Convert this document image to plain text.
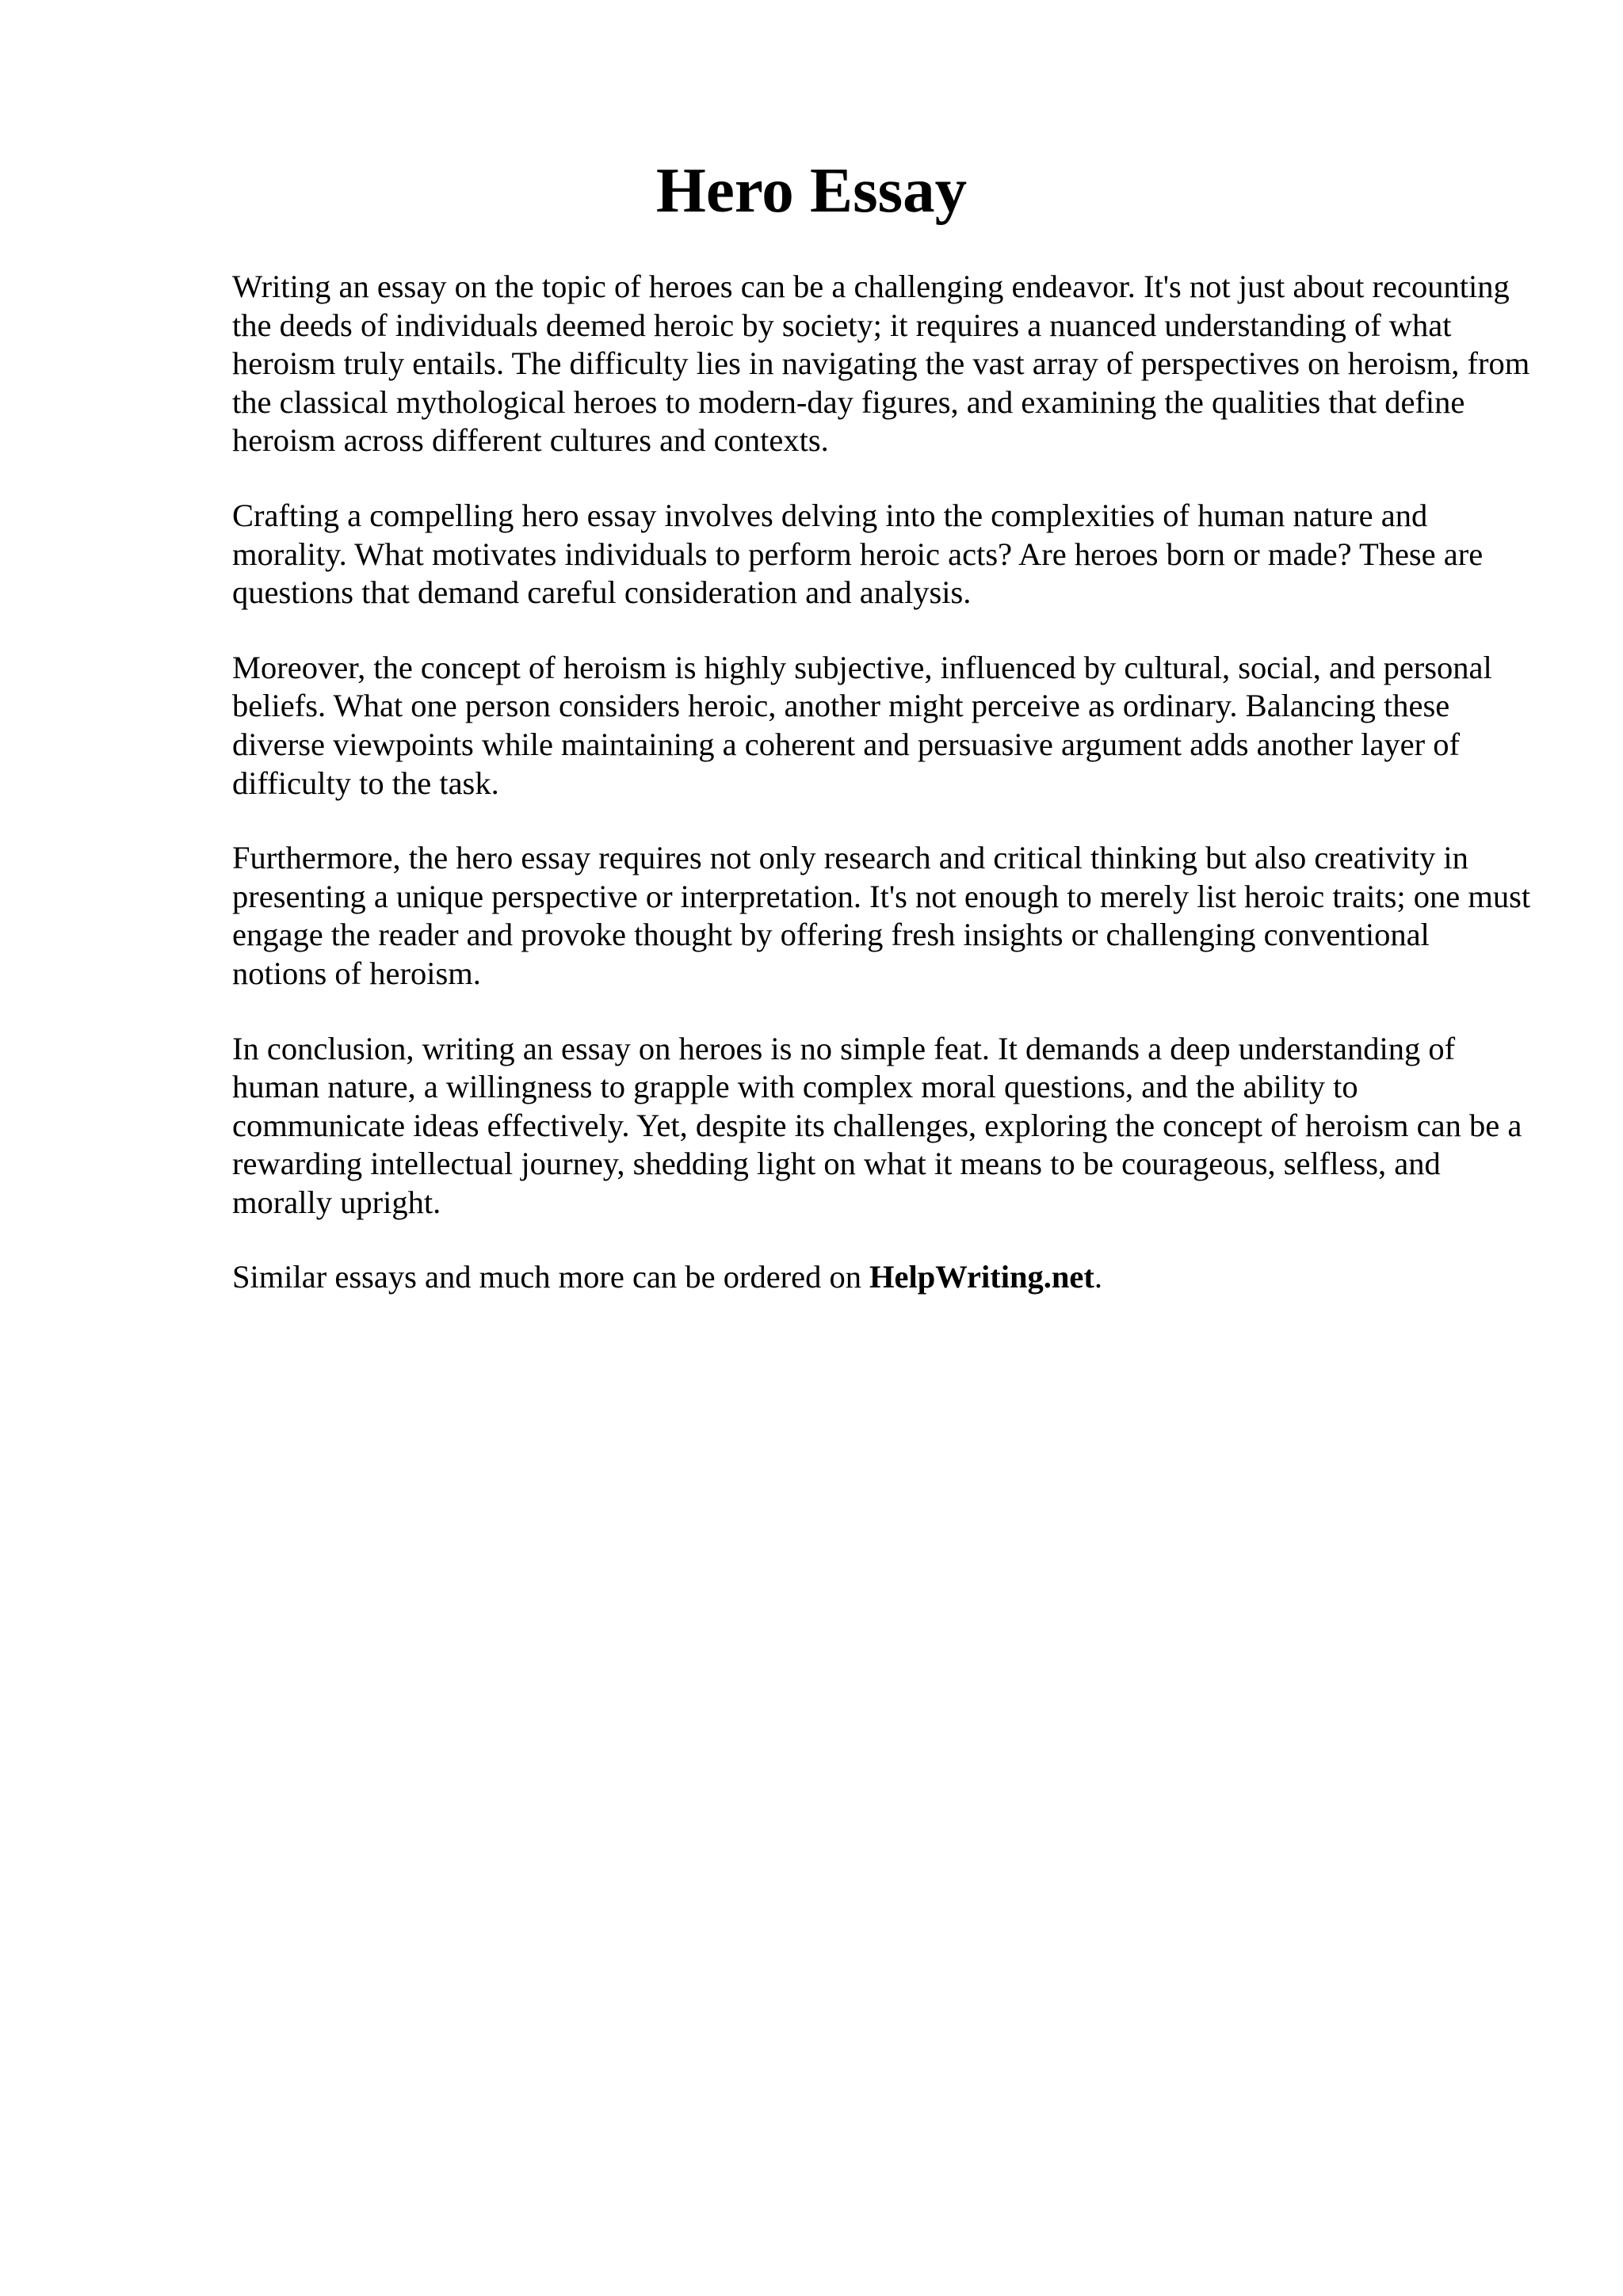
Hero Essay

Writing an essay on the topic of heroes can be a challenging endeavor. It's not just about recounting the deeds of individuals deemed heroic by society; it requires a nuanced understanding of what heroism truly entails. The difficulty lies in navigating the vast array of perspectives on heroism, from the classical mythological heroes to modern-day figures, and examining the qualities that define heroism across different cultures and contexts.

Crafting a compelling hero essay involves delving into the complexities of human nature and morality. What motivates individuals to perform heroic acts? Are heroes born or made? These are questions that demand careful consideration and analysis.

Moreover, the concept of heroism is highly subjective, influenced by cultural, social, and personal beliefs. What one person considers heroic, another might perceive as ordinary. Balancing these diverse viewpoints while maintaining a coherent and persuasive argument adds another layer of difficulty to the task.

Furthermore, the hero essay requires not only research and critical thinking but also creativity in presenting a unique perspective or interpretation. It's not enough to merely list heroic traits; one must engage the reader and provoke thought by offering fresh insights or challenging conventional notions of heroism.

In conclusion, writing an essay on heroes is no simple feat. It demands a deep understanding of human nature, a willingness to grapple with complex moral questions, and the ability to communicate ideas effectively. Yet, despite its challenges, exploring the concept of heroism can be a rewarding intellectual journey, shedding light on what it means to be courageous, selfless, and morally upright.

Similar essays and much more can be ordered on HelpWriting.net.
